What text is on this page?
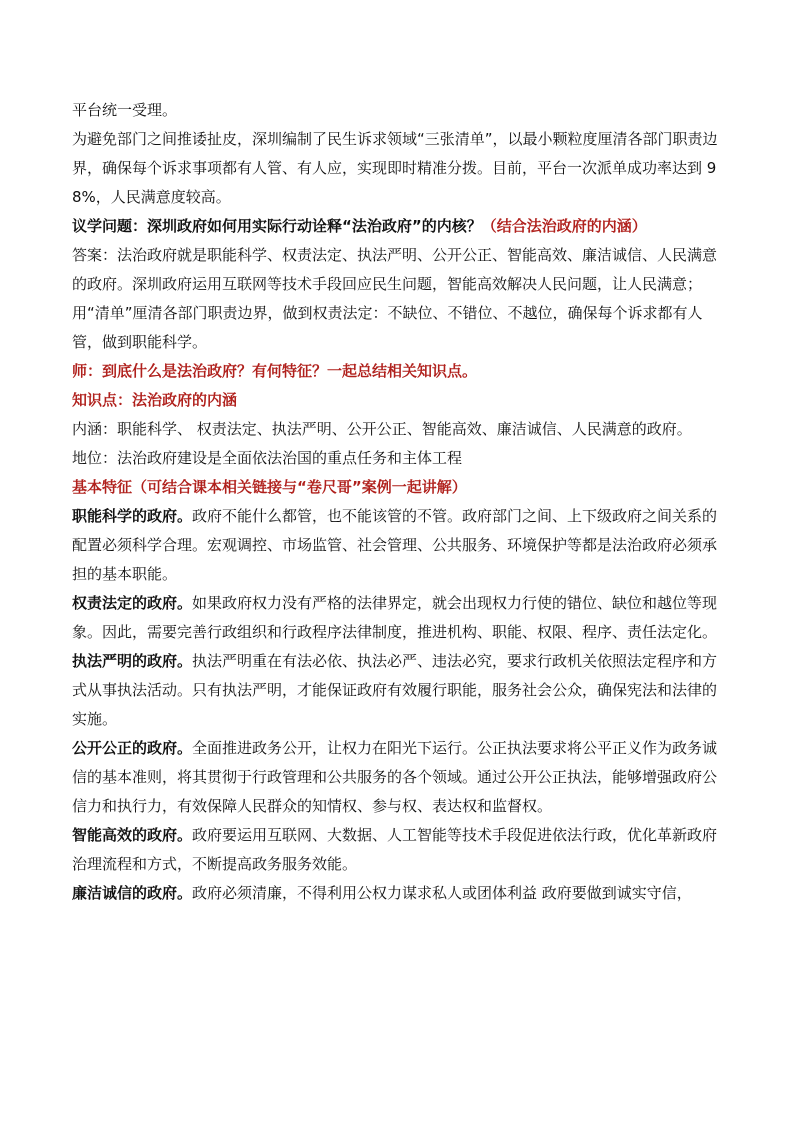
平台统一受理。

为避免部门之间推诿扯皮，深圳编制了民生诉求领域“三张清单”，以最小颗粒度厘清各部门职责边界，确保每个诉求事项都有人管、有人应，实现即时精准分拨。目前，平台一次派单成功率达到 98%，人民满意度较高。

议学问题：深圳政府如何用实际行动诠释“法治政府”的内核？（结合法治政府的内涵）

答案：法治政府就是职能科学、权责法定、执法严明、公开公正、智能高效、廉洁诚信、人民满意的政府。深圳政府运用互联网等技术手段回应民生问题，智能高效解决人民问题，让人民满意；用“清单”厘清各部门职责边界，做到权责法定：不缺位、不错位、不越位，确保每个诉求都有人管，做到职能科学。

师：到底什么是法治政府？有何特征？一起总结相关知识点。

知识点：法治政府的内涵

内涵：职能科学、 权责法定、执法严明、公开公正、智能高效、廉洁诚信、人民满意的政府。

地位：法治政府建设是全面依法治国的重点任务和主体工程

基本特征（可结合课本相关链接与“卷尺哥”案例一起讲解）

职能科学的政府。政府不能什么都管，也不能该管的不管。政府部门之间、上下级政府之间关系的配置必须科学合理。宏观调控、市场监管、社会管理、公共服务、环境保护等都是法治政府必须承担的基本职能。

权责法定的政府。如果政府权力没有严格的法律界定，就会出现权力行使的错位、缺位和越位等现象。因此，需要完善行政组织和行政程序法律制度，推进机构、职能、权限、程序、责任法定化。

执法严明的政府。执法严明重在有法必依、执法必严、违法必究，要求行政机关依照法定程序和方式从事执法活动。只有执法严明，才能保证政府有效履行职能，服务社会公众，确保宪法和法律的实施。

公开公正的政府。全面推进政务公开，让权力在阳光下运行。公正执法要求将公平正义作为政务诚信的基本准则，将其贯彻于行政管理和公共服务的各个领域。通过公开公正执法，能够增强政府公信力和执行力，有效保障人民群众的知情权、参与权、表达权和监督权。

智能高效的政府。政府要运用互联网、大数据、人工智能等技术手段促进依法行政，优化革新政府治理流程和方式，不断提高政务服务效能。

廉洁诚信的政府。政府必须清廉，不得利用公权力谋求私人或团体利益 政府要做到诚实守信，
